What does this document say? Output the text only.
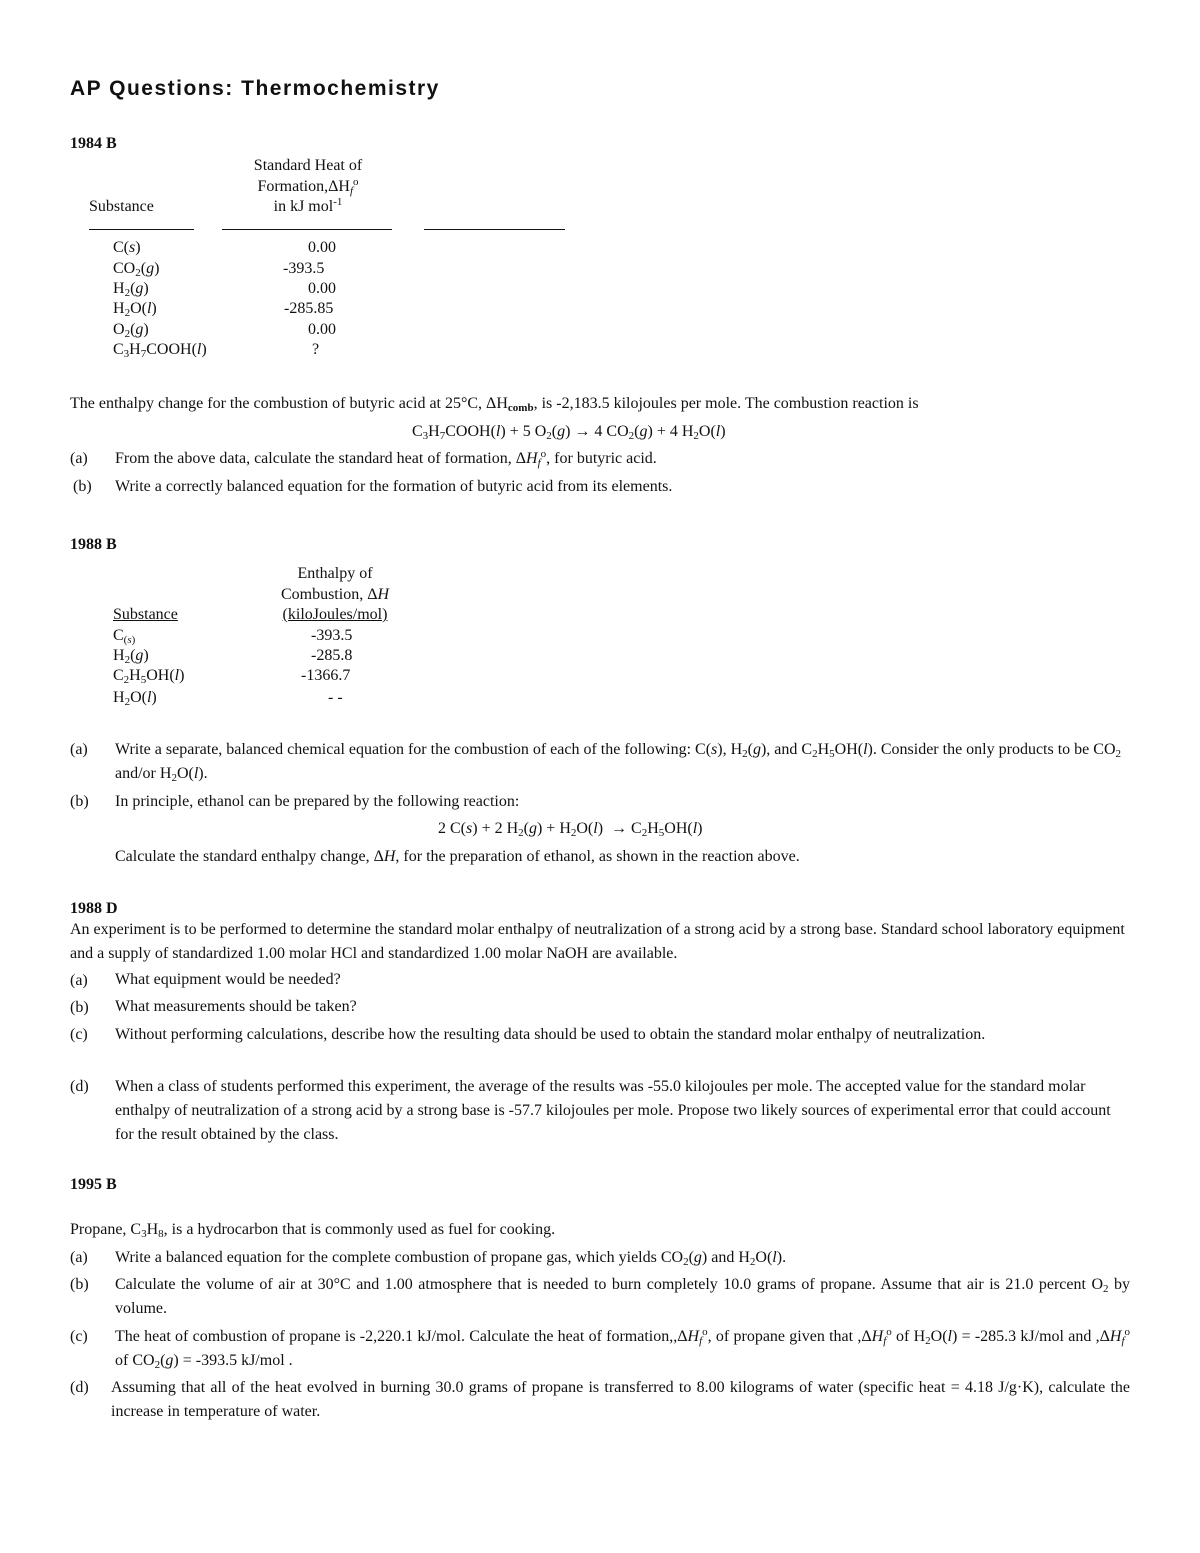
AP Questions: Thermochemistry
1984 B
Standard Heat of
$Formation,\Delta H_f^o$
in kJ mol$^{-1}$
Substance
C(s)	0.00
$CO_2(g)$	-393.5
$H_2(g)$	0.00
$H_2O(l)$	-285.85
$O_2(g)$	0.00
$C_3H_7COOH(l)$	?
The enthalpy change for the combustion of butyric acid at 25°C, $\Delta H_{comb}$, is -2,183.5 kilojoules per mole. The combustion reaction is
$C_3H_7COOH(l) + 5$ $O_2(g) \to 4$ $CO_2(g) + 4$ $H_2O(l)$
(a)	From the above data, calculate the standard heat of formation, $\Delta H_f^o$, for butyric acid.
(b)	Write a correctly balanced equation for the formation of butyric acid from its elements.
1988 B
Enthalpy of
Combustion, ΔH
(kiloJoules/mol)
Substance
$C_{(s)}$	-393.5
$H_2(g)$	-285.8
$C_2H_5OH(l)$	-1366.7
$H_2O(l)$	- -
(a)	Write a separate, balanced chemical equation for the combustion of each of the following: C(s), $H_2(g)$, and $C_2H_5OH(l)$. Consider the only products to be $CO_2$ and/or $H_2O(l)$.
(b)	In principle, ethanol can be prepared by the following reaction:
2 C(s) + 2 $H_2(g) + H_2O(l) \to C_2H_5OH(l)$
Calculate the standard enthalpy change, ΔH, for the preparation of ethanol, as shown in the reaction above.
1988 D
An experiment is to be performed to determine the standard molar enthalpy of neutralization of a strong acid by a strong base. Standard school laboratory equipment and a supply of standardized 1.00 molar HCl and standardized 1.00 molar NaOH are available.
(a)	What equipment would be needed?
(b)	What measurements should be taken?
(c)	Without performing calculations, describe how the resulting data should be used to obtain the standard molar enthalpy of neutralization.
(d)	When a class of students performed this experiment, the average of the results was -55.0 kilojoules per mole. The accepted value for the standard molar enthalpy of neutralization of a strong acid by a strong base is -57.7 kilojoules per mole. Propose two likely sources of experimental error that could account for the result obtained by the class.
1995 B
Propane, $C_3H_8$, is a hydrocarbon that is commonly used as fuel for cooking.
(a)	Write a balanced equation for the complete combustion of propane gas, which yields $CO_2(g)$ and $H_2O(l)$.
(b)	Calculate the volume of air at 30°C and 1.00 atmosphere that is needed to burn completely 10.0 grams of propane. Assume that air is 21.0 percent $O_2$ by volume.
(c)	The heat of combustion of propane is -2,220.1 kJ/mol. Calculate the heat of $formation,,\Delta H_f^o$, of propane given that $,\Delta H_f^o$ of $H_2O(l) = -285.3$ kJ/mol and $,\Delta H_f^o$ of $CO_2(g) = -393.5$ kJ/mol .
(d)	Assuming that all of the heat evolved in burning 30.0 grams of propane is transferred to 8.00 kilograms of water (specific heat = 4.18 J/g·K), calculate the increase in temperature of water.
